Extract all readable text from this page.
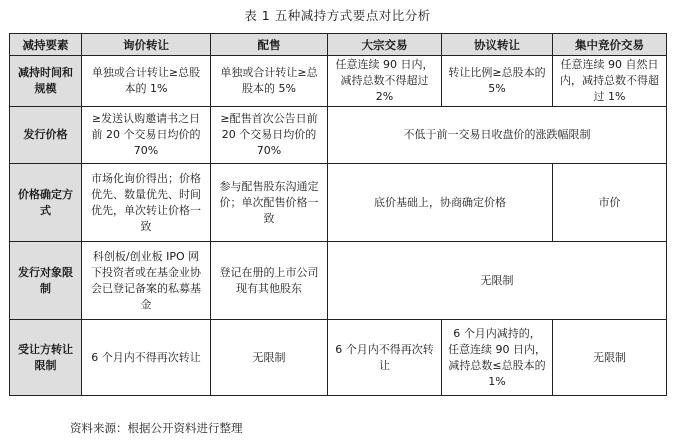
表 1 五种减持方式要点对比分析
减持要素	询价转让	配售	大宗交易	协议转让	集中竞价交易
减持时间和规模	单独或合计转让≥总股本的 1%	单独或合计转让≥总股本的 5%	任意连续 90 日内，减持总数不得超过 2%	转让比例≥总股本的 5%	任意连续 90 自然日内，减持总数不得超过 1%
发行价格	≥发送认购邀请书之日前 20 个交易日均价的 70%	≥配售首次公告日前 20 个交易日均价的 70%	不低于前一交易日收盘价的涨跌幅限制		
价格确定方式	市场化询价得出；价格优先、数量优先、时间优先，单次转让价格一致	参与配售股东沟通定价；单次配售价格一致	底价基础上，协商确定价格		市价
发行对象限制	科创板/创业板 IPO 网下投资者或在基金业协会已登记备案的私募基金	登记在册的上市公司现有其他股东	无限制		
受让方转让限制	6 个月内不得再次转让	无限制	6 个月内不得再次转让	6 个月内减持的，任意连续 90 日内，减持总数≤总股本的 1%	无限制
资料来源：根据公开资料进行整理
